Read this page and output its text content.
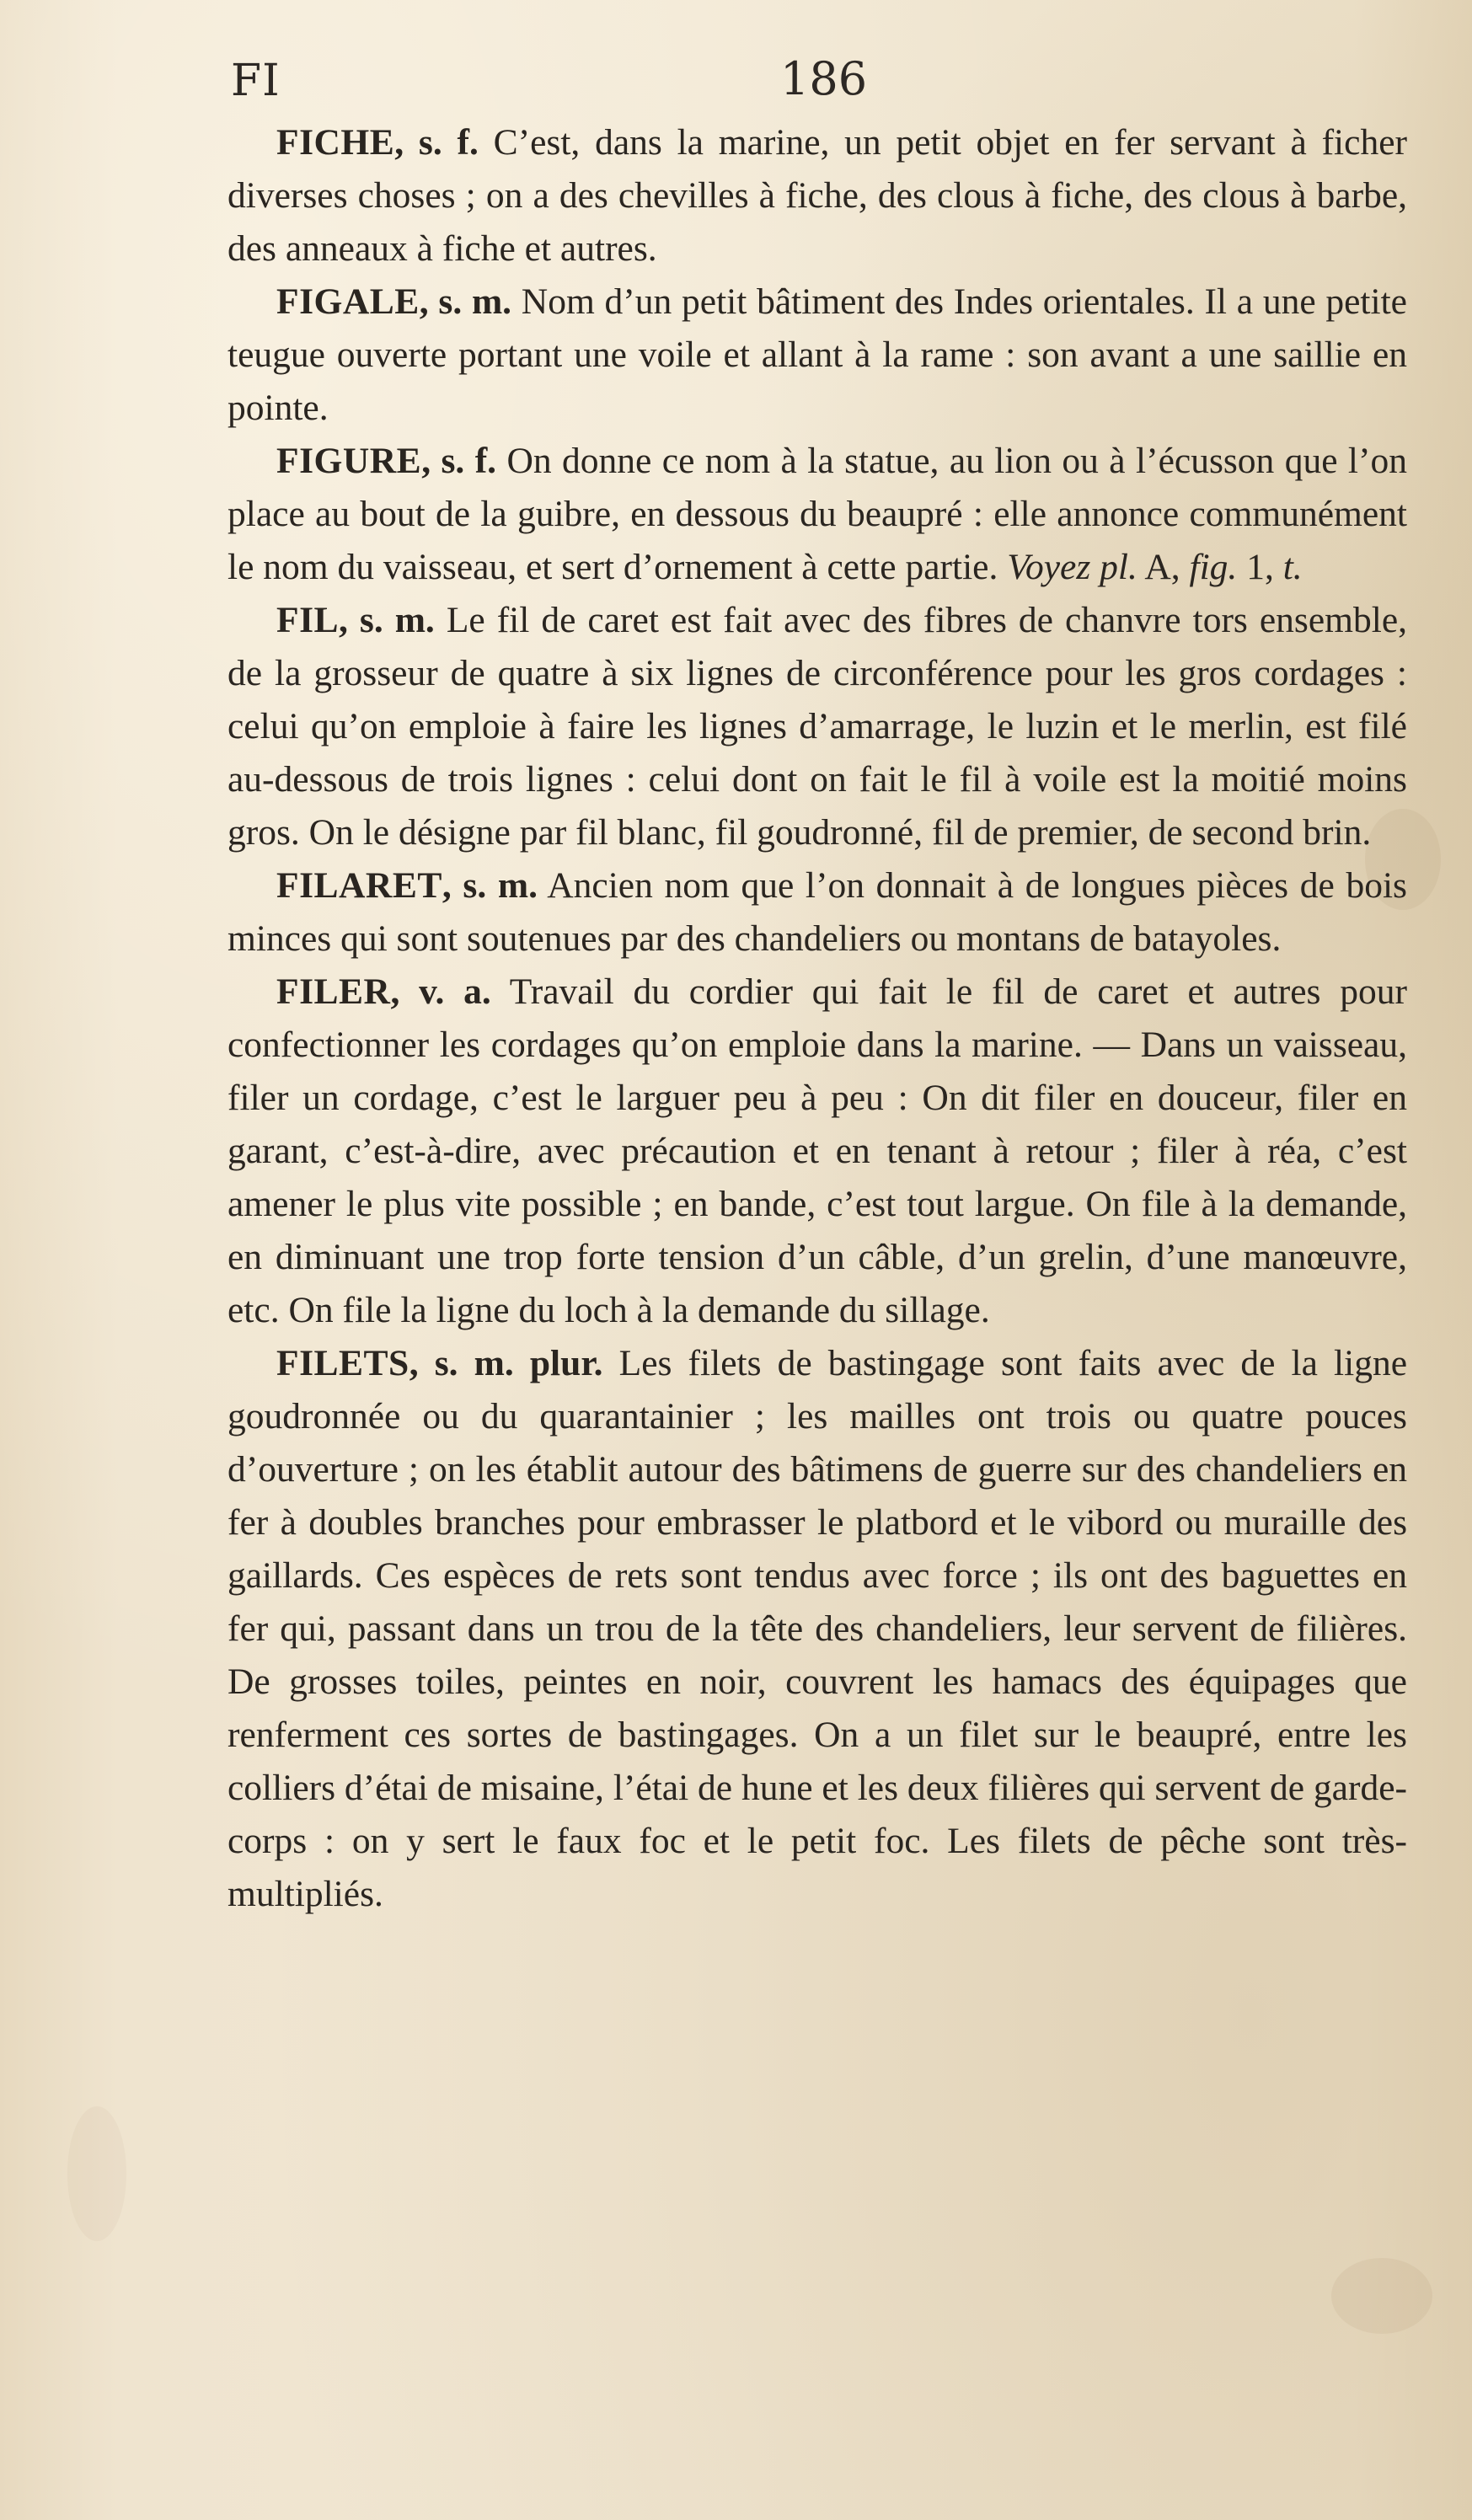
FI	186

FICHE, s. f. C’est, dans la marine, un petit objet en fer servant à ficher diverses choses ; on a des chevilles à fiche, des clous à fiche, des clous à barbe, des anneaux à fiche et autres.

FIGALE, s. m. Nom d’un petit bâtiment des Indes orientales. Il a une petite teugue ouverte portant une voile et allant à la rame : son avant a une saillie en pointe.

FIGURE, s. f. On donne ce nom à la statue, au lion ou à l’écusson que l’on place au bout de la guibre, en dessous du beaupré : elle annonce communément le nom du vaisseau, et sert d’ornement à cette partie. Voyez pl. A, fig. 1, t.

FIL, s. m. Le fil de caret est fait avec des fibres de chanvre tors ensemble, de la grosseur de quatre à six lignes de circonférence pour les gros cordages : celui qu’on emploie à faire les lignes d’amarrage, le luzin et le merlin, est filé au-dessous de trois lignes : celui dont on fait le fil à voile est la moitié moins gros. On le désigne par fil blanc, fil goudronné, fil de premier, de second brin.

FILARET, s. m. Ancien nom que l’on donnait à de longues pièces de bois minces qui sont soutenues par des chandeliers ou montans de batayoles.

FILER, v. a. Travail du cordier qui fait le fil de caret et autres pour confectionner les cordages qu’on emploie dans la marine. — Dans un vaisseau, filer un cordage, c’est le larguer peu à peu : On dit filer en douceur, filer en garant, c’est-à-dire, avec précaution et en tenant à retour ; filer à réa, c’est amener le plus vite possible ; en bande, c’est tout largue. On file à la demande, en diminuant une trop forte tension d’un câble, d’un grelin, d’une manœuvre, etc. On file la ligne du loch à la demande du sillage.

FILETS, s. m. plur. Les filets de bastingage sont faits avec de la ligne goudronnée ou du quarantainier ; les mailles ont trois ou quatre pouces d’ouverture ; on les établit autour des bâtimens de guerre sur des chandeliers en fer à doubles branches pour embrasser le platbord et le vibord ou muraille des gaillards. Ces espèces de rets sont tendus avec force ; ils ont des baguettes en fer qui, passant dans un trou de la tête des chandeliers, leur servent de filières. De grosses toiles, peintes en noir, couvrent les hamacs des équipages que renferment ces sortes de bastingages. On a un filet sur le beaupré, entre les colliers d’étai de misaine, l’étai de hune et les deux filières qui servent de garde-corps : on y sert le faux foc et le petit foc. Les filets de pêche sont très-multipliés.
